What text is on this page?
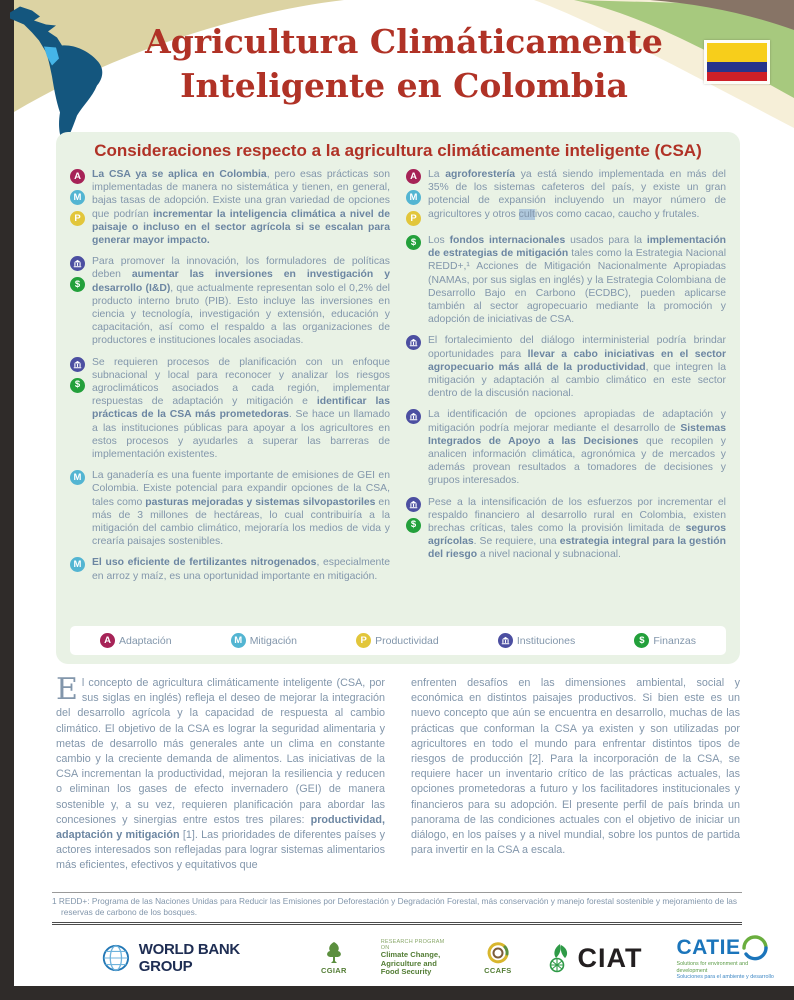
Agricultura Climáticamente
Inteligente en Colombia
Consideraciones respecto a la agricultura climáticamente inteligente (CSA)
A
M
P

La CSA ya se aplica en Colombia, pero esas prácticas son implementadas de manera no sistemática y tienen, en general, bajas tasas de adopción. Existe una gran variedad de opciones que podrían incrementar la inteligencia climática a nivel de paisaje o incluso en el sector agrícola si se escalan para generar mayor impacto.

$

Para promover la innovación, los formuladores de políticas deben aumentar las inversiones en investigación y desarrollo (I&D), que actualmente representan solo el 0,2% del producto interno bruto (PIB). Esto incluye las inversiones en ciencia y tecnología, investigación y extensión, educación y capacitación, así como el respaldo a las organizaciones de productores e instituciones locales asociadas.

$

Se requieren procesos de planificación con un enfoque subnacional y local para reconocer y analizar los riesgos agroclimáticos asociados a cada región, implementar respuestas de adaptación y mitigación e identificar las prácticas de la CSA más prometedoras. Se hace un llamado a las instituciones públicas para apoyar a los agricultores en estos procesos y ayudarles a superar las barreras de implementación existentes.

M	La ganadería es una fuente importante de emisiones de GEI en Colombia. Existe potencial para expandir opciones de la CSA, tales como pasturas mejoradas y sistemas silvopastoriles en más de 3 millones de hectáreas, lo cual contribuiría a la mitigación del cambio climático, mejoraría los medios de vida y crearía paisajes sostenibles.

M	El uso eficiente de fertilizantes nitrogenados, especialmente en arroz y maíz, es una oportunidad importante en mitigación.

A
M
P

La agroforestería ya está siendo implementada en más del 35% de los sistemas cafeteros del país, y existe un gran potencial de expansión incluyendo un mayor número de agricultores y otros cultivos como cacao, caucho y frutales.

$	Los fondos internacionales usados para la implementación de estrategias de mitigación tales como la Estrategia Nacional REDD+,¹ Acciones de Mitigación Nacionalmente Apropiadas (NAMAs, por sus siglas en inglés) y la Estrategia Colombiana de Desarrollo Bajo en Carbono (ECDBC), pueden aplicarse también al sector agropecuario mediante la promoción y adopción de iniciativas de CSA.

El fortalecimiento del diálogo interministerial podría brindar oportunidades para llevar a cabo iniciativas en el sector agropecuario más allá de la productividad, que integren la mitigación y adaptación al cambio climático en este sector dentro de la discusión nacional.

La identificación de opciones apropiadas de adaptación y mitigación podría mejorar mediante el desarrollo de Sistemas Integrados de Apoyo a las Decisiones que recopilen y analicen información climática, agronómica y de mercados y además provean resultados a tomadores de decisiones y grupos interesados.

$

Pese a la intensificación de los esfuerzos por incrementar el respaldo financiero al desarrollo rural en Colombia, existen brechas críticas, tales como la provisión limitada de seguros agrícolas. Se requiere, una estrategia integral para la gestión del riesgo a nivel nacional y subnacional.

A Adaptación	M Mitigación	P Productividad	Instituciones	$ Finanzas
El concepto de agricultura climáticamente inteligente (CSA, por sus siglas en inglés) refleja el deseo de mejorar la integración del desarrollo agrícola y la capacidad de respuesta al cambio climático. El objetivo de la CSA es lograr la seguridad alimentaria y metas de desarrollo más generales ante un clima en constante cambio y la creciente demanda de alimentos. Las iniciativas de la CSA incrementan la productividad, mejoran la resiliencia y reducen o eliminan los gases de efecto invernadero (GEI) de manera sostenible y, a su vez, requieren planificación para abordar las concesiones y sinergias entre estos tres pilares: productividad, adaptación y mitigación [1]. Las prioridades de diferentes países y actores interesados son reflejadas para lograr sistemas alimentarios más eficientes, efectivos y equitativos que
enfrenten desafíos en las dimensiones ambiental, social y económica en distintos paisajes productivos. Si bien este es un nuevo concepto que aún se encuentra en desarrollo, muchas de las prácticas que conforman la CSA ya existen y son utilizadas por agricultores en todo el mundo para enfrentar distintos tipos de riesgos de producción [2]. Para la incorporación de la CSA, se requiere hacer un inventario crítico de las prácticas actuales, las opciones prometedoras a futuro y los facilitadores institucionales y financieros para su adopción. El presente perfil de país brinda un panorama de las condiciones actuales con el objetivo de iniciar un diálogo, en los países y a nivel mundial, sobre los puntos de partida para invertir en la CSA a escala.

1 REDD+: Programa de las Naciones Unidas para Reducir las Emisiones por Deforestación y Degradación Forestal, más conservación y manejo forestal sostenible y mejoramiento de las reservas de carbono de los bosques.

WORLD BANK GROUP	CGIAR
RESEARCH PROGRAM ON
Climate Change,
Agriculture and
Food Security	CCAFS CIAT CATIE
Solutions for environment and development
Soluciones para el ambiente y desarrollo
